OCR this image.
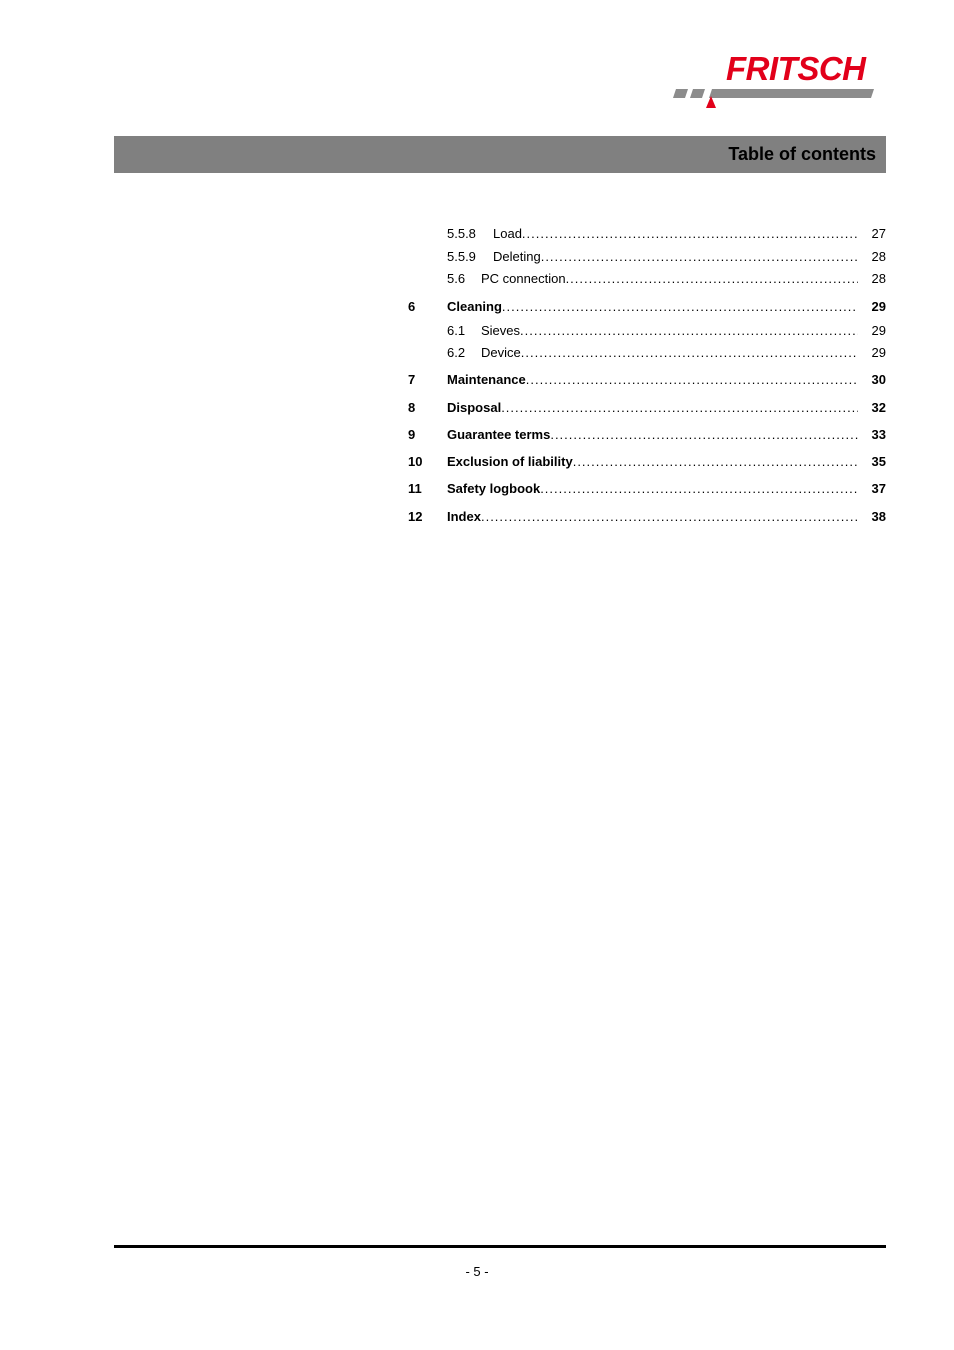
FRITSCH
Table of contents
5.5.8	Load .....	27
5.5.9	Deleting .....	28
5.6	PC connection .....	28
6	Cleaning .....	29
6.1	Sieves .....	29
6.2	Device .....	29
7	Maintenance .....	30
8	Disposal .....	32
9	Guarantee terms .....	33
10	Exclusion of liability .....	35
11	Safety logbook .....	37
12	Index .....	38
- 5 -
